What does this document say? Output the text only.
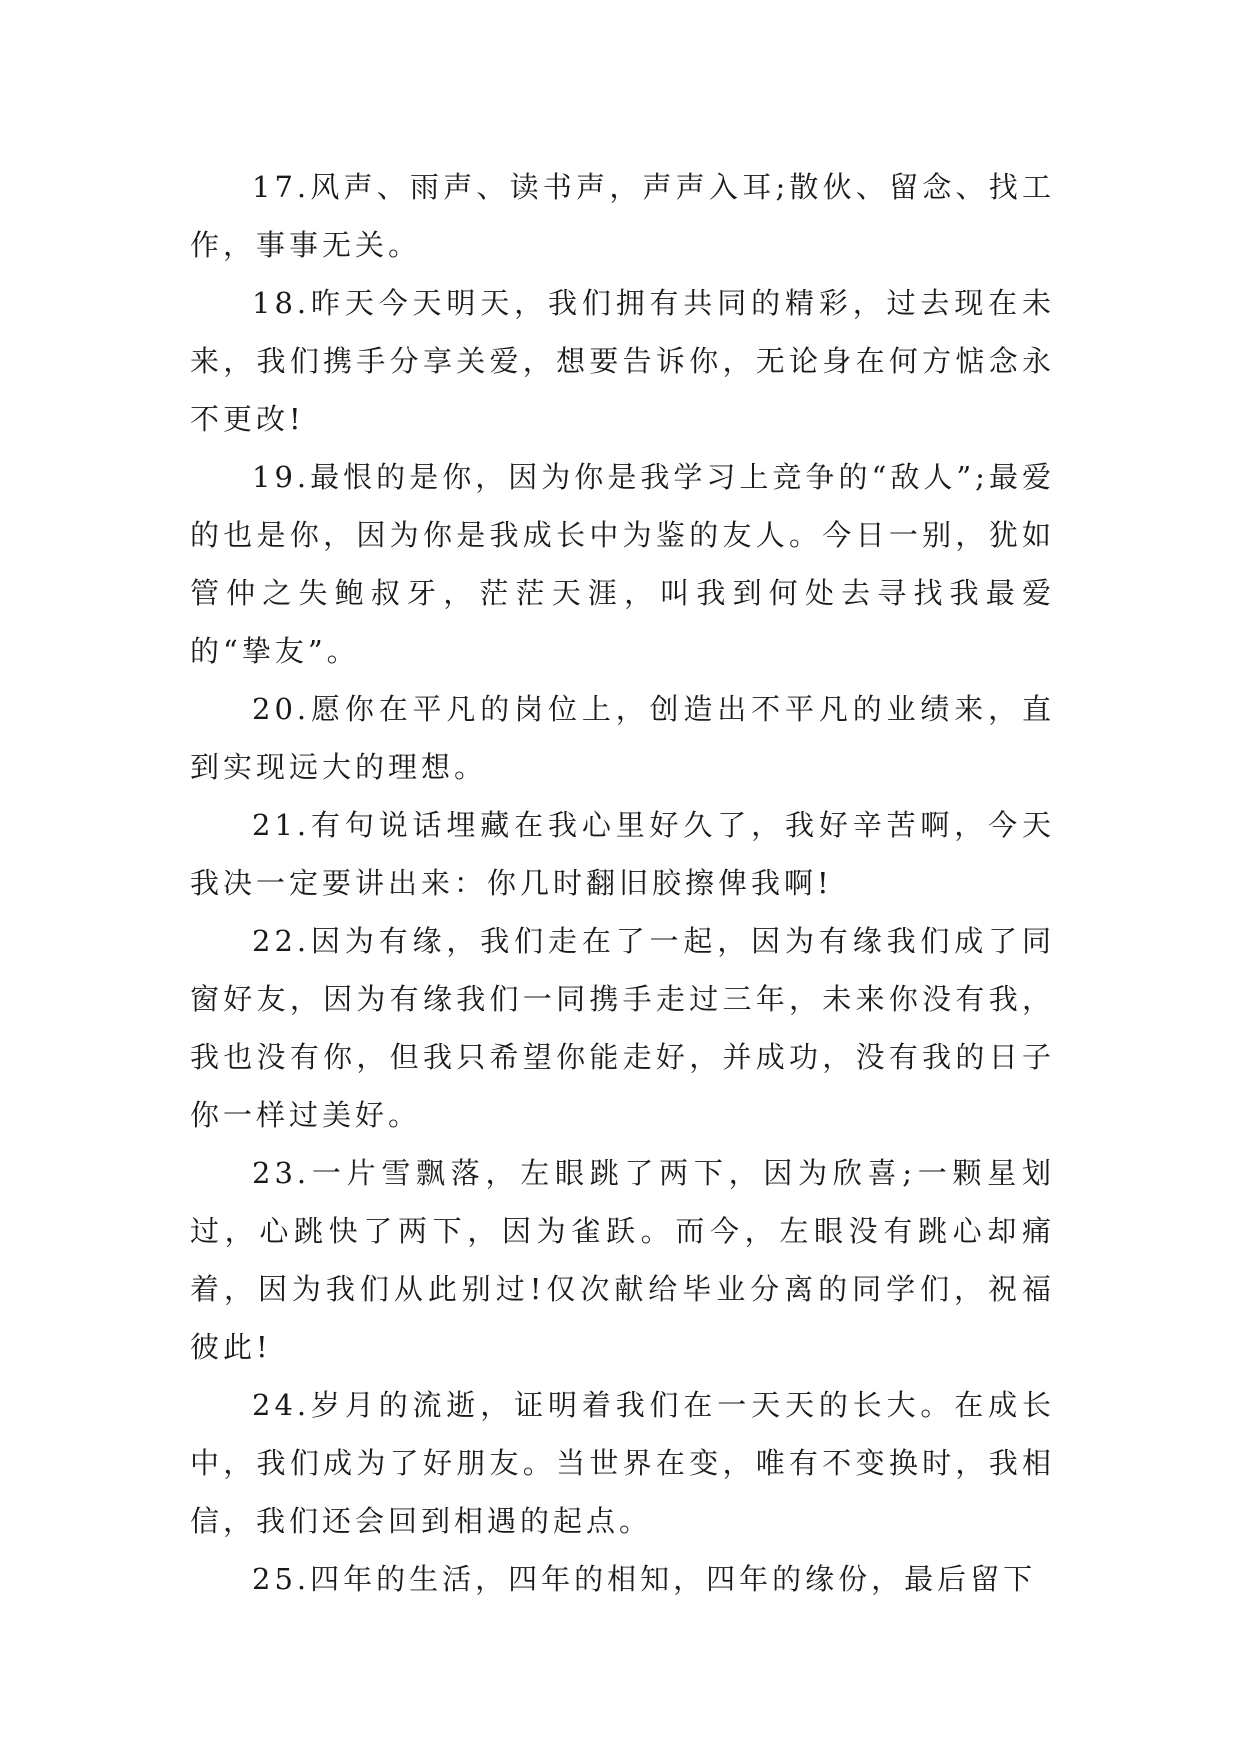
17.风声、雨声、读书声，声声入耳;散伙、留念、找工作，事事无关。

18.昨天今天明天，我们拥有共同的精彩，过去现在未来，我们携手分享关爱，想要告诉你，无论身在何方惦念永不更改!

19.最恨的是你，因为你是我学习上竞争的“敌人”;最爱的也是你，因为你是我成长中为鉴的友人。今日一别，犹如管仲之失鲍叔牙，茫茫天涯，叫我到何处去寻找我最爱的“挚友”。

20.愿你在平凡的岗位上，创造出不平凡的业绩来，直到实现远大的理想。

21.有句说话埋藏在我心里好久了，我好辛苦啊，今天我决一定要讲出来：你几时翻旧胶擦俾我啊!

22.因为有缘，我们走在了一起，因为有缘我们成了同窗好友，因为有缘我们一同携手走过三年，未来你没有我，我也没有你，但我只希望你能走好，并成功，没有我的日子你一样过美好。

23.一片雪飘落，左眼跳了两下，因为欣喜;一颗星划过，心跳快了两下，因为雀跃。而今，左眼没有跳心却痛着，因为我们从此别过!仅次献给毕业分离的同学们，祝福彼此!

24.岁月的流逝，证明着我们在一天天的长大。在成长中，我们成为了好朋友。当世界在变，唯有不变换时，我相信，我们还会回到相遇的起点。

25.四年的生活，四年的相知，四年的缘份，最后留下
